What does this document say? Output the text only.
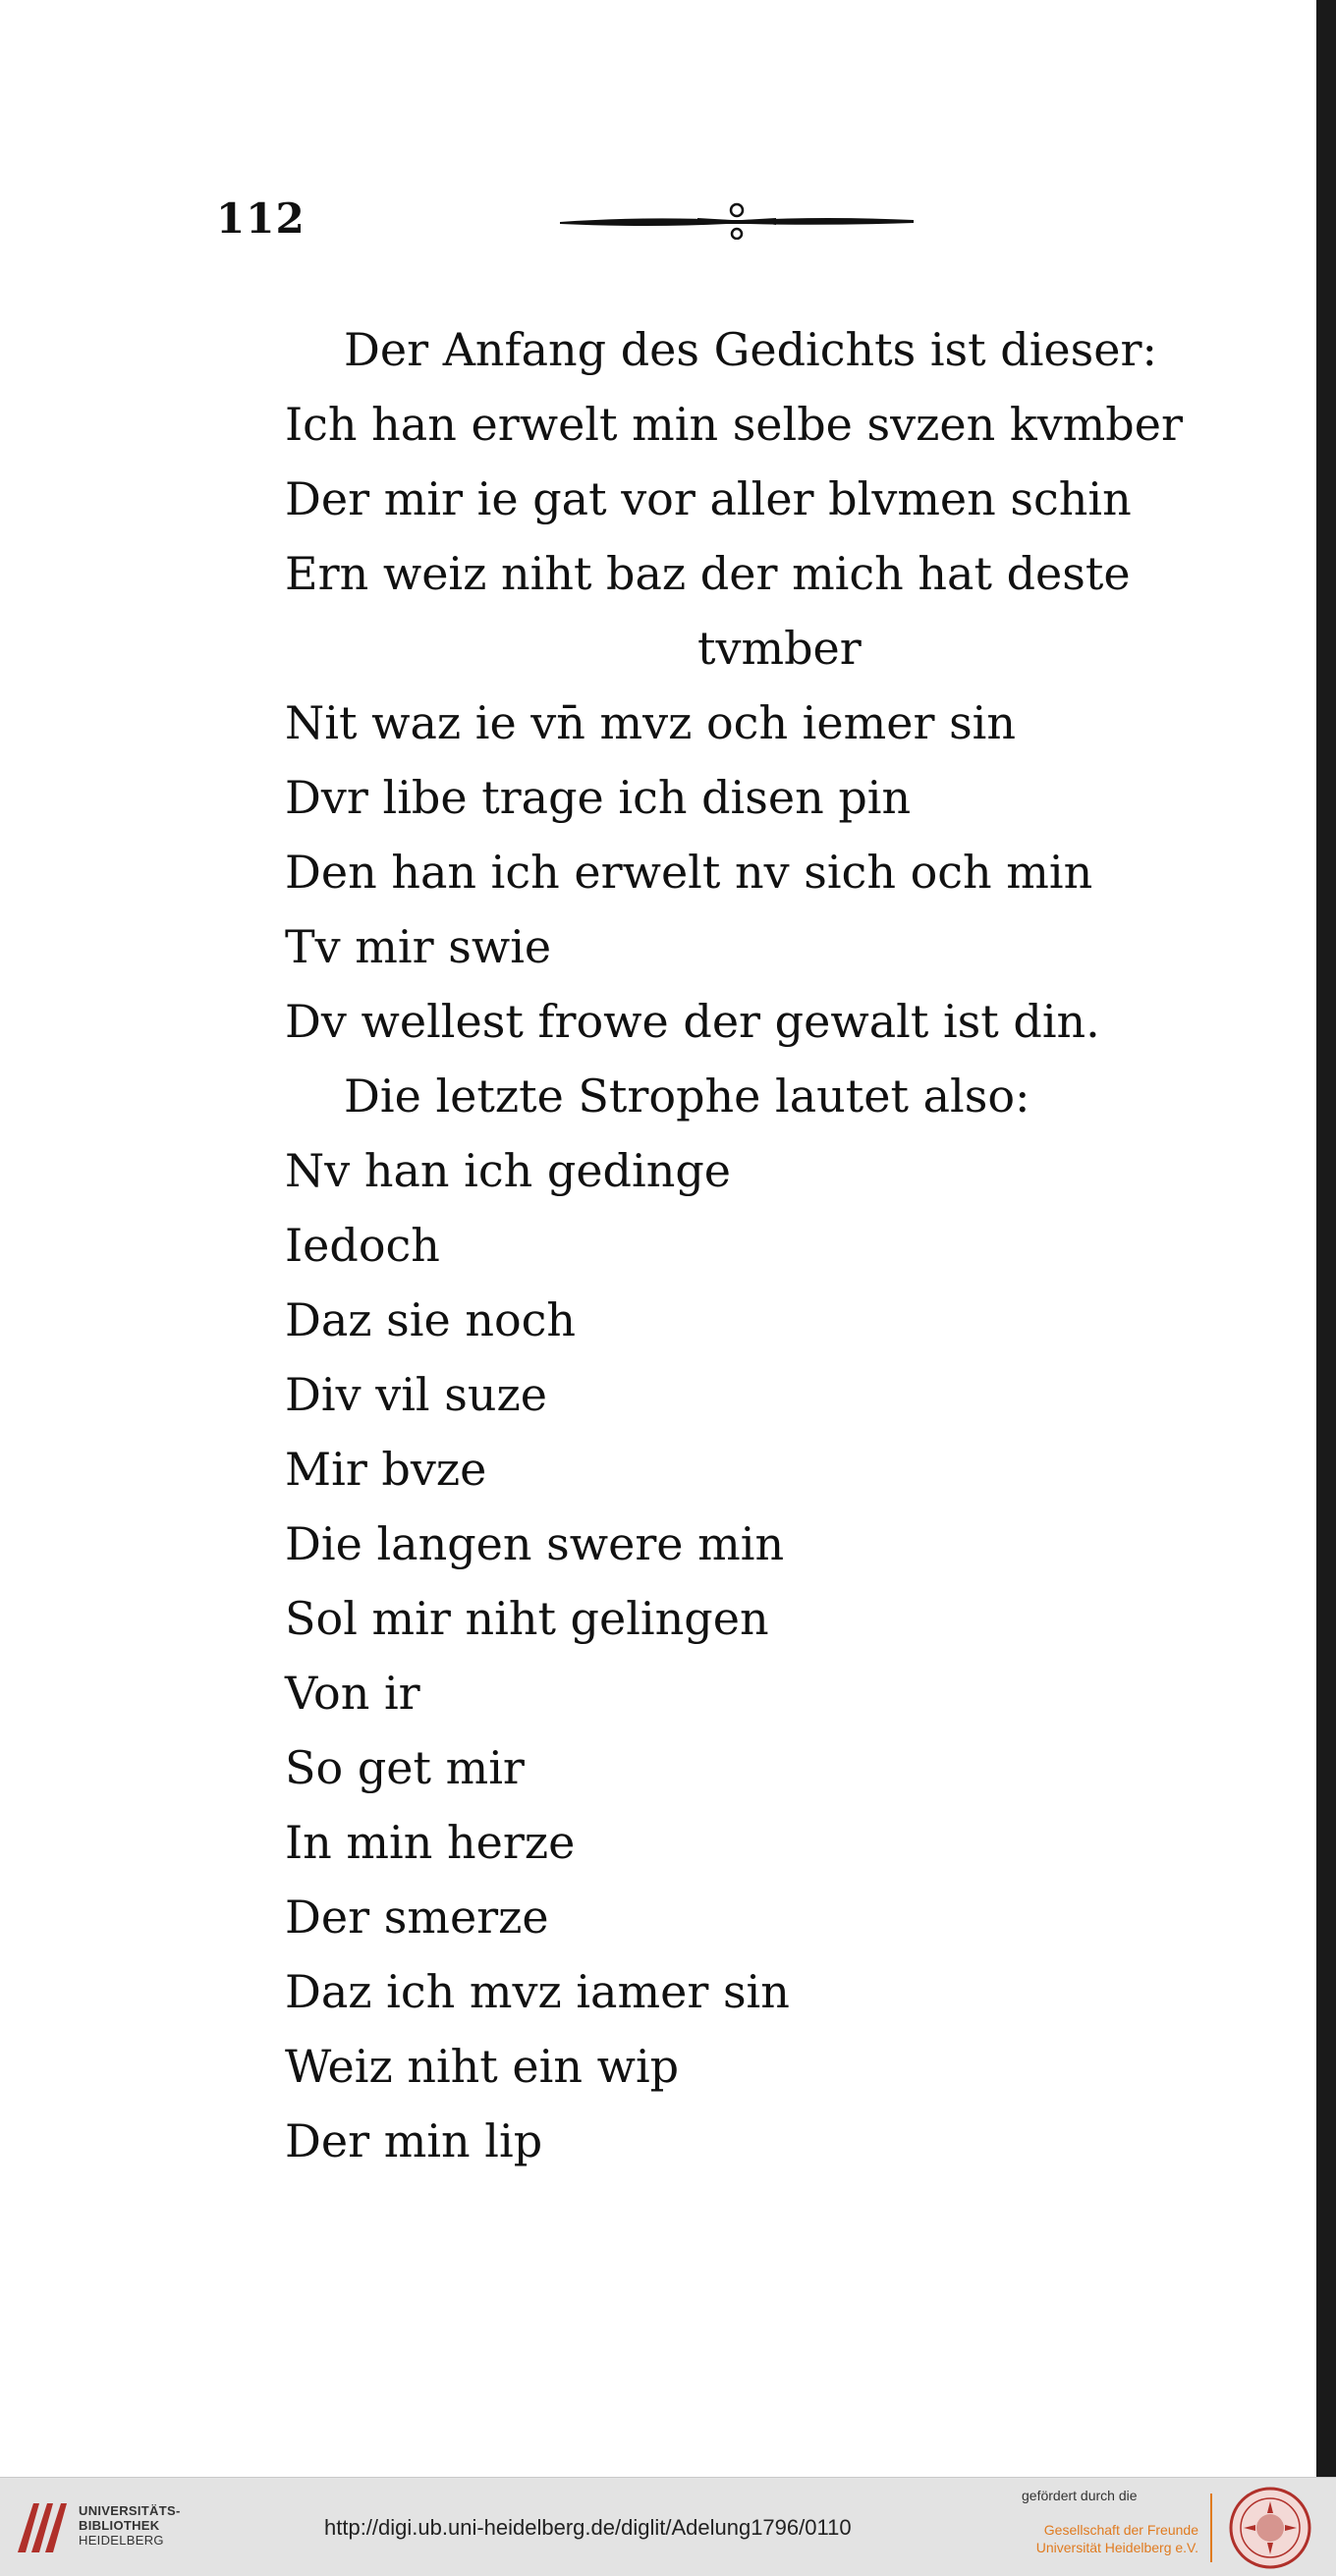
112
Der Anfang des Gedichts ist dieser:
Ich han erwelt min selbe svzen kvmber
Der mir ie gat vor aller blvmen schin
Ern weiz niht baz der mich hat deste
tvmber
Nit waz ie vn̄ mvz och iemer sin
Dvr libe trage ich disen pin
Den han ich erwelt nv sich och min
Tv mir swie
Dv wellest frowe der gewalt ist din.
Die letzte Strophe lautet also:
Nv han ich gedinge
Iedoch
Daz sie noch
Div vil suze
Mir bvze
Die langen swere min
Sol mir niht gelingen
Von ir
So get mir
In min herze
Der smerze
Daz ich mvz iamer sin
Weiz niht ein wip
Der min lip
UNIVERSITÄTS-
BIBLIOTHEK
HEIDELBERG
http://digi.ub.uni-heidelberg.de/diglit/Adelung1796/0110
gefördert durch die
Gesellschaft der Freunde
Universität Heidelberg e.V.
